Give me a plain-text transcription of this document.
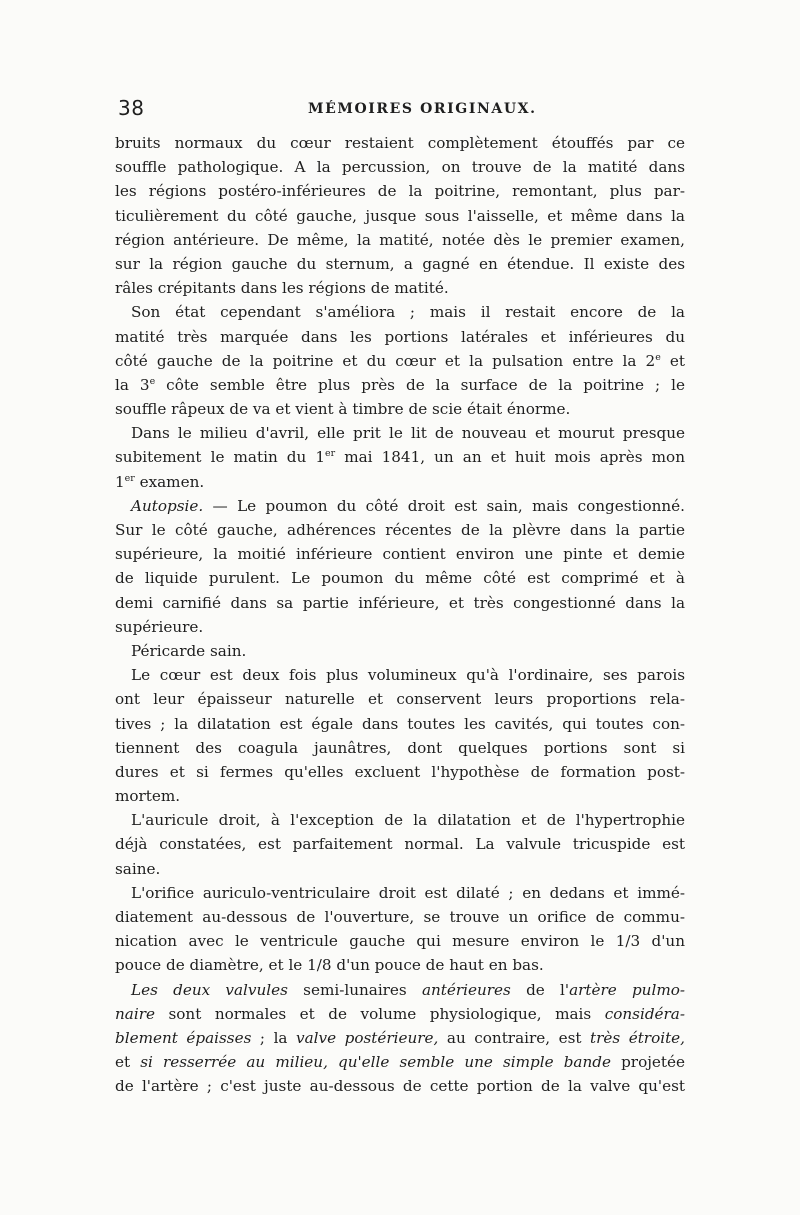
38	MÉMOIRES ORIGINAUX.
bruits normaux du cœur restaient complètement étouffés par ce
souffle pathologique. A la percussion, on trouve de la matité dans
les régions postéro-inférieures de la poitrine, remontant, plus par-
ticulièrement du côté gauche, jusque sous l'aisselle, et même dans la
région antérieure. De même, la matité, notée dès le premier examen,
sur la région gauche du sternum, a gagné en étendue. Il existe des
râles crépitants dans les régions de matité.
Son état cependant s'améliora ; mais il restait encore de la
matité très marquée dans les portions latérales et inférieures du
côté gauche de la poitrine et du cœur et la pulsation entre la 2e et
la 3e côte semble être plus près de la surface de la poitrine ; le
souffle râpeux de va et vient à timbre de scie était énorme.
Dans le milieu d'avril, elle prit le lit de nouveau et mourut presque
subitement le matin du 1er mai 1841, un an et huit mois après mon
1er examen.
Autopsie. — Le poumon du côté droit est sain, mais congestionné.
Sur le côté gauche, adhérences récentes de la plèvre dans la partie
supérieure, la moitié inférieure contient environ une pinte et demie
de liquide purulent. Le poumon du même côté est comprimé et à
demi carnifié dans sa partie inférieure, et très congestionné dans la
supérieure.
Péricarde sain.
Le cœur est deux fois plus volumineux qu'à l'ordinaire, ses parois
ont leur épaisseur naturelle et conservent leurs proportions rela-
tives ; la dilatation est égale dans toutes les cavités, qui toutes con-
tiennent des coagula jaunâtres, dont quelques portions sont si
dures et si fermes qu'elles excluent l'hypothèse de formation post-
mortem.
L'auricule droit, à l'exception de la dilatation et de l'hypertrophie
déjà constatées, est parfaitement normal. La valvule tricuspide est
saine.
L'orifice auriculo-ventriculaire droit est dilaté ; en dedans et immé-
diatement au-dessous de l'ouverture, se trouve un orifice de commu-
nication avec le ventricule gauche qui mesure environ le 1/3 d'un
pouce de diamètre, et le 1/8 d'un pouce de haut en bas.
Les deux valvules semi-lunaires antérieures de l'artère pulmo-
naire sont normales et de volume physiologique, mais considéra-
blement épaisses ; la valve postérieure, au contraire, est très étroite,
et si resserrée au milieu, qu'elle semble une simple bande projetée
de l'artère ; c'est juste au-dessous de cette portion de la valve qu'est
